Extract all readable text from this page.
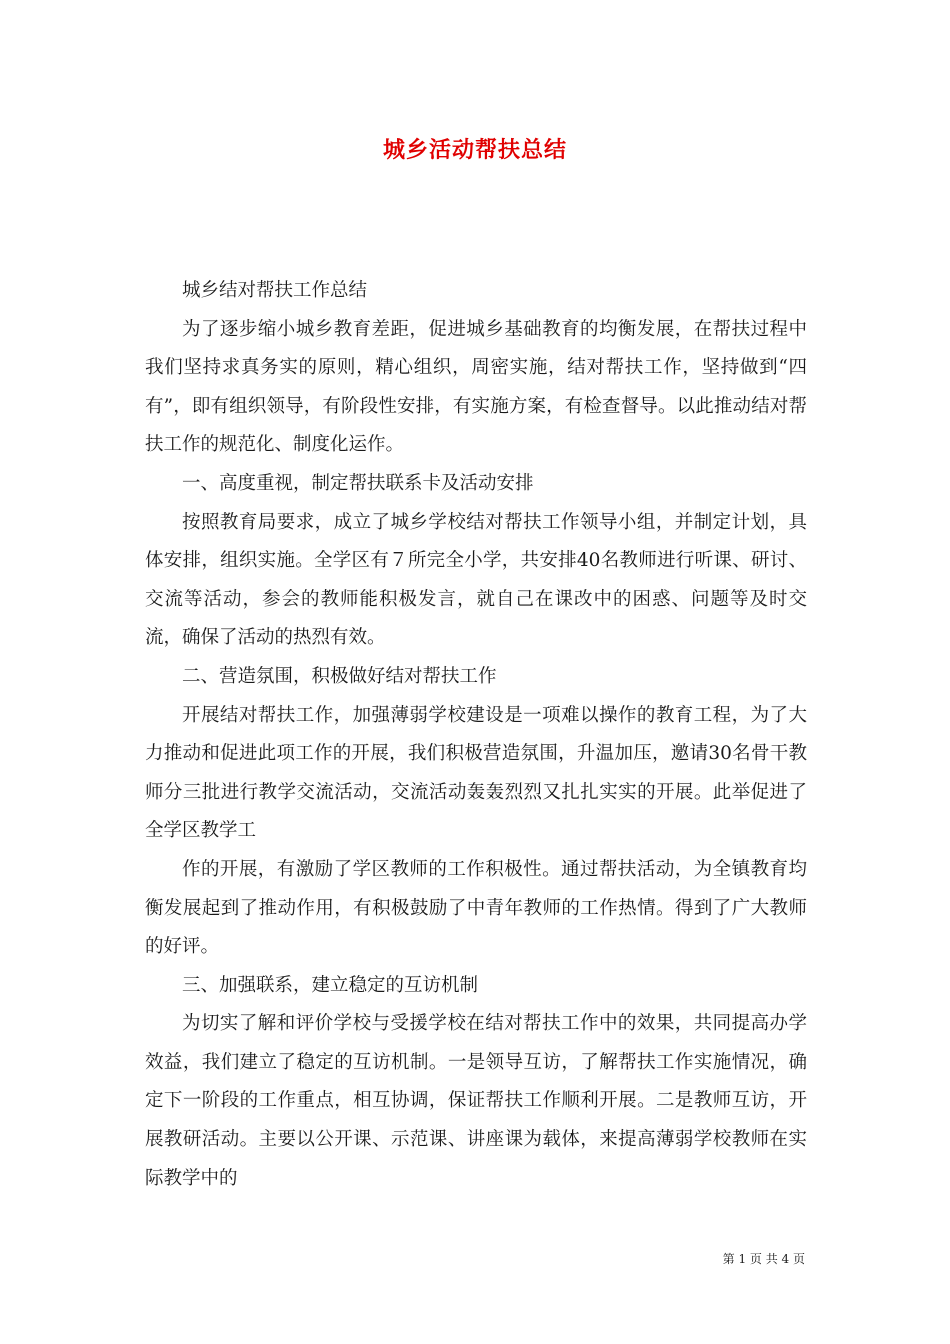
城乡活动帮扶总结

城乡结对帮扶工作总结

为了逐步缩小城乡教育差距，促进城乡基础教育的均衡发展，在帮扶过程中我们坚持求真务实的原则，精心组织，周密实施，结对帮扶工作，坚持做到“四有”，即有组织领导，有阶段性安排，有实施方案，有检查督导。以此推动结对帮扶工作的规范化、制度化运作。

一、高度重视，制定帮扶联系卡及活动安排

按照教育局要求，成立了城乡学校结对帮扶工作领导小组，并制定计划，具体安排，组织实施。全学区有７所完全小学，共安排40名教师进行听课、研讨、交流等活动，参会的教师能积极发言，就自己在课改中的困惑、问题等及时交流，确保了活动的热烈有效。

二、营造氛围，积极做好结对帮扶工作

开展结对帮扶工作，加强薄弱学校建设是一项难以操作的教育工程，为了大力推动和促进此项工作的开展，我们积极营造氛围，升温加压，邀请30名骨干教师分三批进行教学交流活动，交流活动轰轰烈烈又扎扎实实的开展。此举促进了全学区教学工

作的开展，有激励了学区教师的工作积极性。通过帮扶活动，为全镇教育均衡发展起到了推动作用，有积极鼓励了中青年教师的工作热情。得到了广大教师的好评。

三、加强联系，建立稳定的互访机制

为切实了解和评价学校与受援学校在结对帮扶工作中的效果，共同提高办学效益，我们建立了稳定的互访机制。一是领导互访，了解帮扶工作实施情况，确定下一阶段的工作重点，相互协调，保证帮扶工作顺利开展。二是教师互访，开展教研活动。主要以公开课、示范课、讲座课为载体，来提高薄弱学校教师在实际教学中的

第 1 页 共 4 页
